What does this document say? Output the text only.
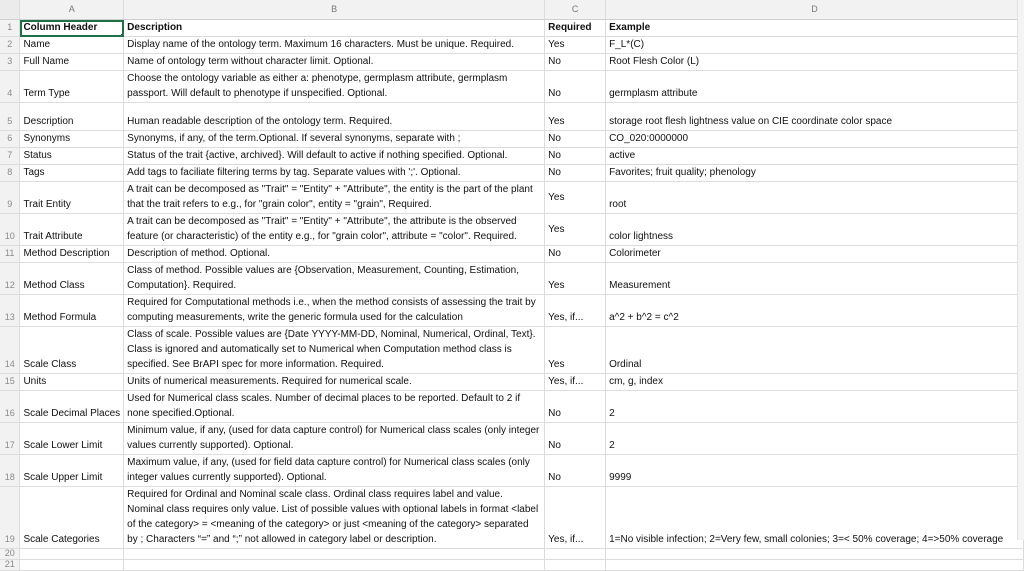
	A	B	C	D
1	Column Header	Description	Required	Example
2	Name	Display name of the ontology term. Maximum 16 characters. Must be unique. Required.	Yes	F_L*(C)
3	Full Name	Name of ontology term without character limit. Optional.	No	Root Flesh Color (L)
4	Term Type	Choose the ontology variable as either a: phenotype, germplasm attribute, germplasm passport. Will default to phenotype if unspecified. Optional.	No	germplasm attribute
5	Description	Human readable description of the ontology term. Required.	Yes	storage root flesh lightness value on CIE coordinate color space
6	Synonyms	Synonyms, if any, of the term.Optional. If several synonyms, separate with ;	No	CO_020:0000000
7	Status	Status of the trait {active, archived}. Will default to active if nothing specified. Optional.	No	active
8	Tags	Add tags to faciliate filtering terms by tag. Separate values with ';'. Optional.	No	Favorites; fruit quality; phenology
9	Trait Entity	A trait can be decomposed as "Trait" = "Entity" + "Attribute", the entity is the part of the plant that the trait refers to e.g., for "grain color", entity = "grain", Required.	Yes	root
10	Trait Attribute	A trait can be decomposed as "Trait" = "Entity" + "Attribute", the attribute is the observed feature (or characteristic) of the entity e.g., for "grain color", attribute = "color". Required.	Yes	color lightness
11	Method Description	Description of method. Optional.	No	Colorimeter
12	Method Class	Class of method. Possible values are {Observation, Measurement, Counting, Estimation, Computation}. Required.	Yes	Measurement
13	Method Formula	Required for Computational methods i.e., when the method consists of assessing the trait by computing measurements, write the generic formula used for the calculation	Yes, if...	a^2 + b^2 = c^2
14	Scale Class	Class of scale. Possible values are {Date YYYY-MM-DD, Nominal, Numerical, Ordinal, Text}. Class is ignored and automatically set to Numerical when Computation method class is specified. See BrAPI spec for more information. Required.	Yes	Ordinal
15	Units	Units of numerical measurements. Required for numerical scale.	Yes, if...	cm, g, index
16	Scale Decimal Places	Used for Numerical class scales. Number of decimal places to be reported. Default to 2 if none specified.Optional.	No	2
17	Scale Lower Limit	Minimum value, if any, (used for data capture control) for Numerical class scales (only integer values currently supported). Optional.	No	2
18	Scale Upper Limit	Maximum value, if any, (used for field data capture control) for Numerical class scales (only integer values currently supported). Optional.	No	9999
19	Scale Categories	Required for Ordinal and Nominal scale class. Ordinal class requires label and value. Nominal class requires only value. List of possible values with optional labels in format <label of the category> = <meaning of the category> or just <meaning of the category> separated by ; Characters “=” and “;” not allowed in category label or description.	Yes, if...	1=No visible infection; 2=Very few, small colonies; 3=< 50% coverage; 4=>50% coverage
20				
21				
